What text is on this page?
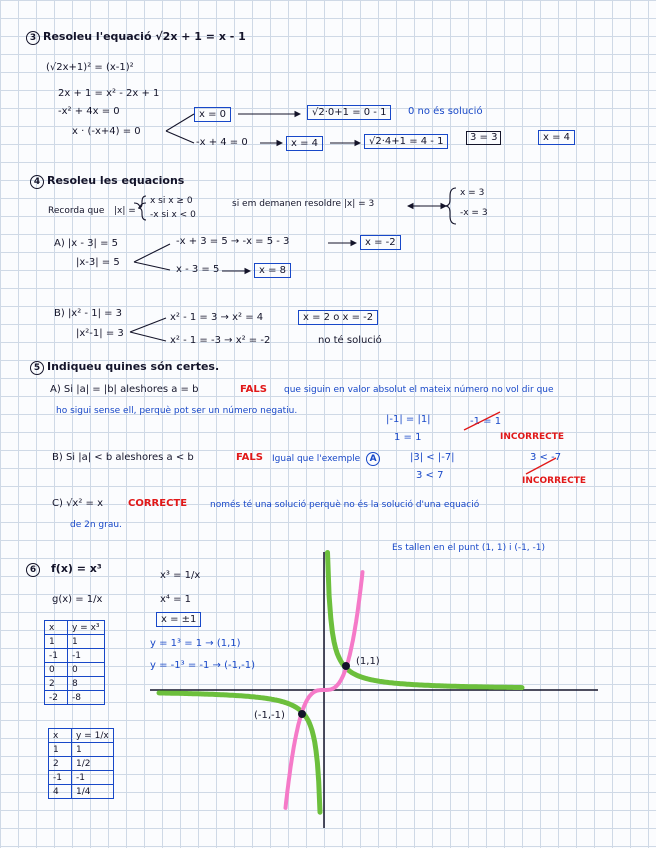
3 Resoleu l'equació √2x + 1 = x - 1
(√2x+1)² = (x-1)²
2x + 1 = x² - 2x + 1
-x² + 4x = 0
x · (-x+4) = 0
x = 0	√2·0+1 = 0 - 1	0 no és solució
-x + 4 = 0	x = 4	√2·4+1 = 4 - 1	3 = 3	x = 4
4 Resoleu les equacions
Recorda que |x| =
x si x ≥ 0
-x si x < 0
si em demanen resoldre |x| = 3
x = 3
-x = 3
A) |x - 3| = 5
|x-3| = 5
-x + 3 = 5 → -x = 5 - 3	x = -2
x - 3 = 5	x = 8
B) |x² - 1| = 3
|x²-1| = 3
x² - 1 = 3 → x² = 4	x = 2 o x = -2
x² - 1 = -3 → x² = -2	no té solució
5 Indiqueu quines són certes.
A) Si |a| = |b| aleshores a = b	FALS que siguin en valor absolut el mateix número no vol dir que
ho sigui sense ell, perquè pot ser un número negatiu.
|-1| = |1|
1 = 1
-1 = 1
INCORRECTE
B) Si |a| < b aleshores a < b	FALS Igual que l'exemple A	|3| < |-7|
3 < 7
3 < -7
INCORRECTE
C) √x² = x CORRECTE	només té una solució perquè no és la solució d'una equació
de 2n grau.
Es tallen en el punt (1, 1) i (-1, -1)
6 f(x) = x³
g(x) = 1/x
x³ = 1/x
x⁴ = 1
x = ±1
y = 1³ = 1 → (1,1)
y = -1³ = -1 → (-1,-1)
x	y = x³
1	1
-1	-1
0	0
2	8
-2	-8
x	y = 1/x
1	1
2	1/2
-1	-1
4	1/4
(1,1)
(-1,-1)
